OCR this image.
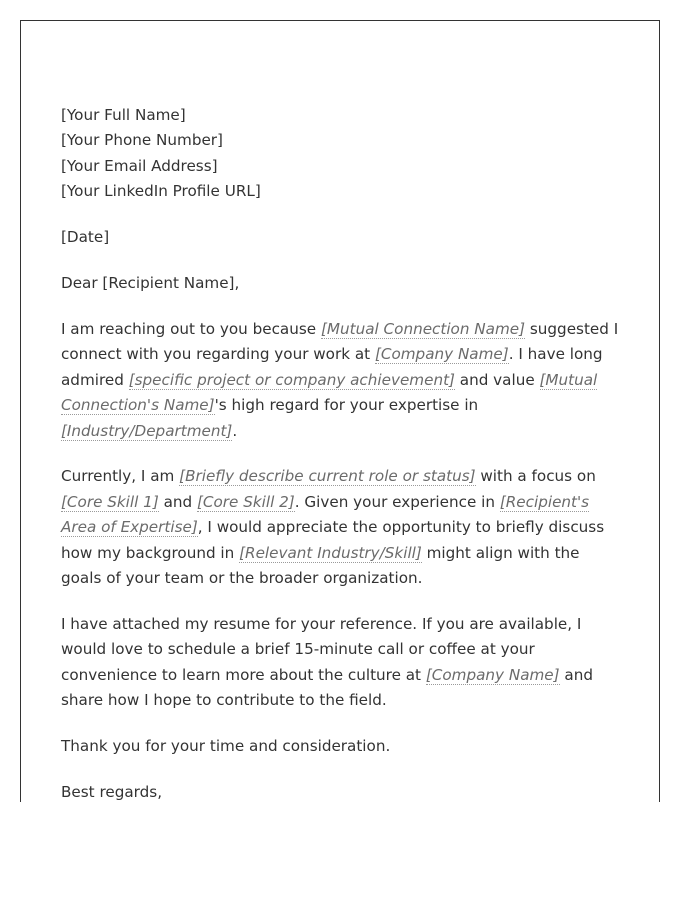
[Your Full Name]
[Your Phone Number]
[Your Email Address]
[Your LinkedIn Profile URL]

[Date]

Dear [Recipient Name],

I am reaching out to you because [Mutual Connection Name] suggested I connect with you regarding your work at [Company Name]. I have long admired [specific project or company achievement] and value [Mutual Connection's Name]'s high regard for your expertise in [Industry/Department].

Currently, I am [Briefly describe current role or status] with a focus on [Core Skill 1] and [Core Skill 2]. Given your experience in [Recipient's Area of Expertise], I would appreciate the opportunity to briefly discuss how my background in [Relevant Industry/Skill] might align with the goals of your team or the broader organization.

I have attached my resume for your reference. If you are available, I would love to schedule a brief 15-minute call or coffee at your convenience to learn more about the culture at [Company Name] and share how I hope to contribute to the field.

Thank you for your time and consideration.

Best regards,
